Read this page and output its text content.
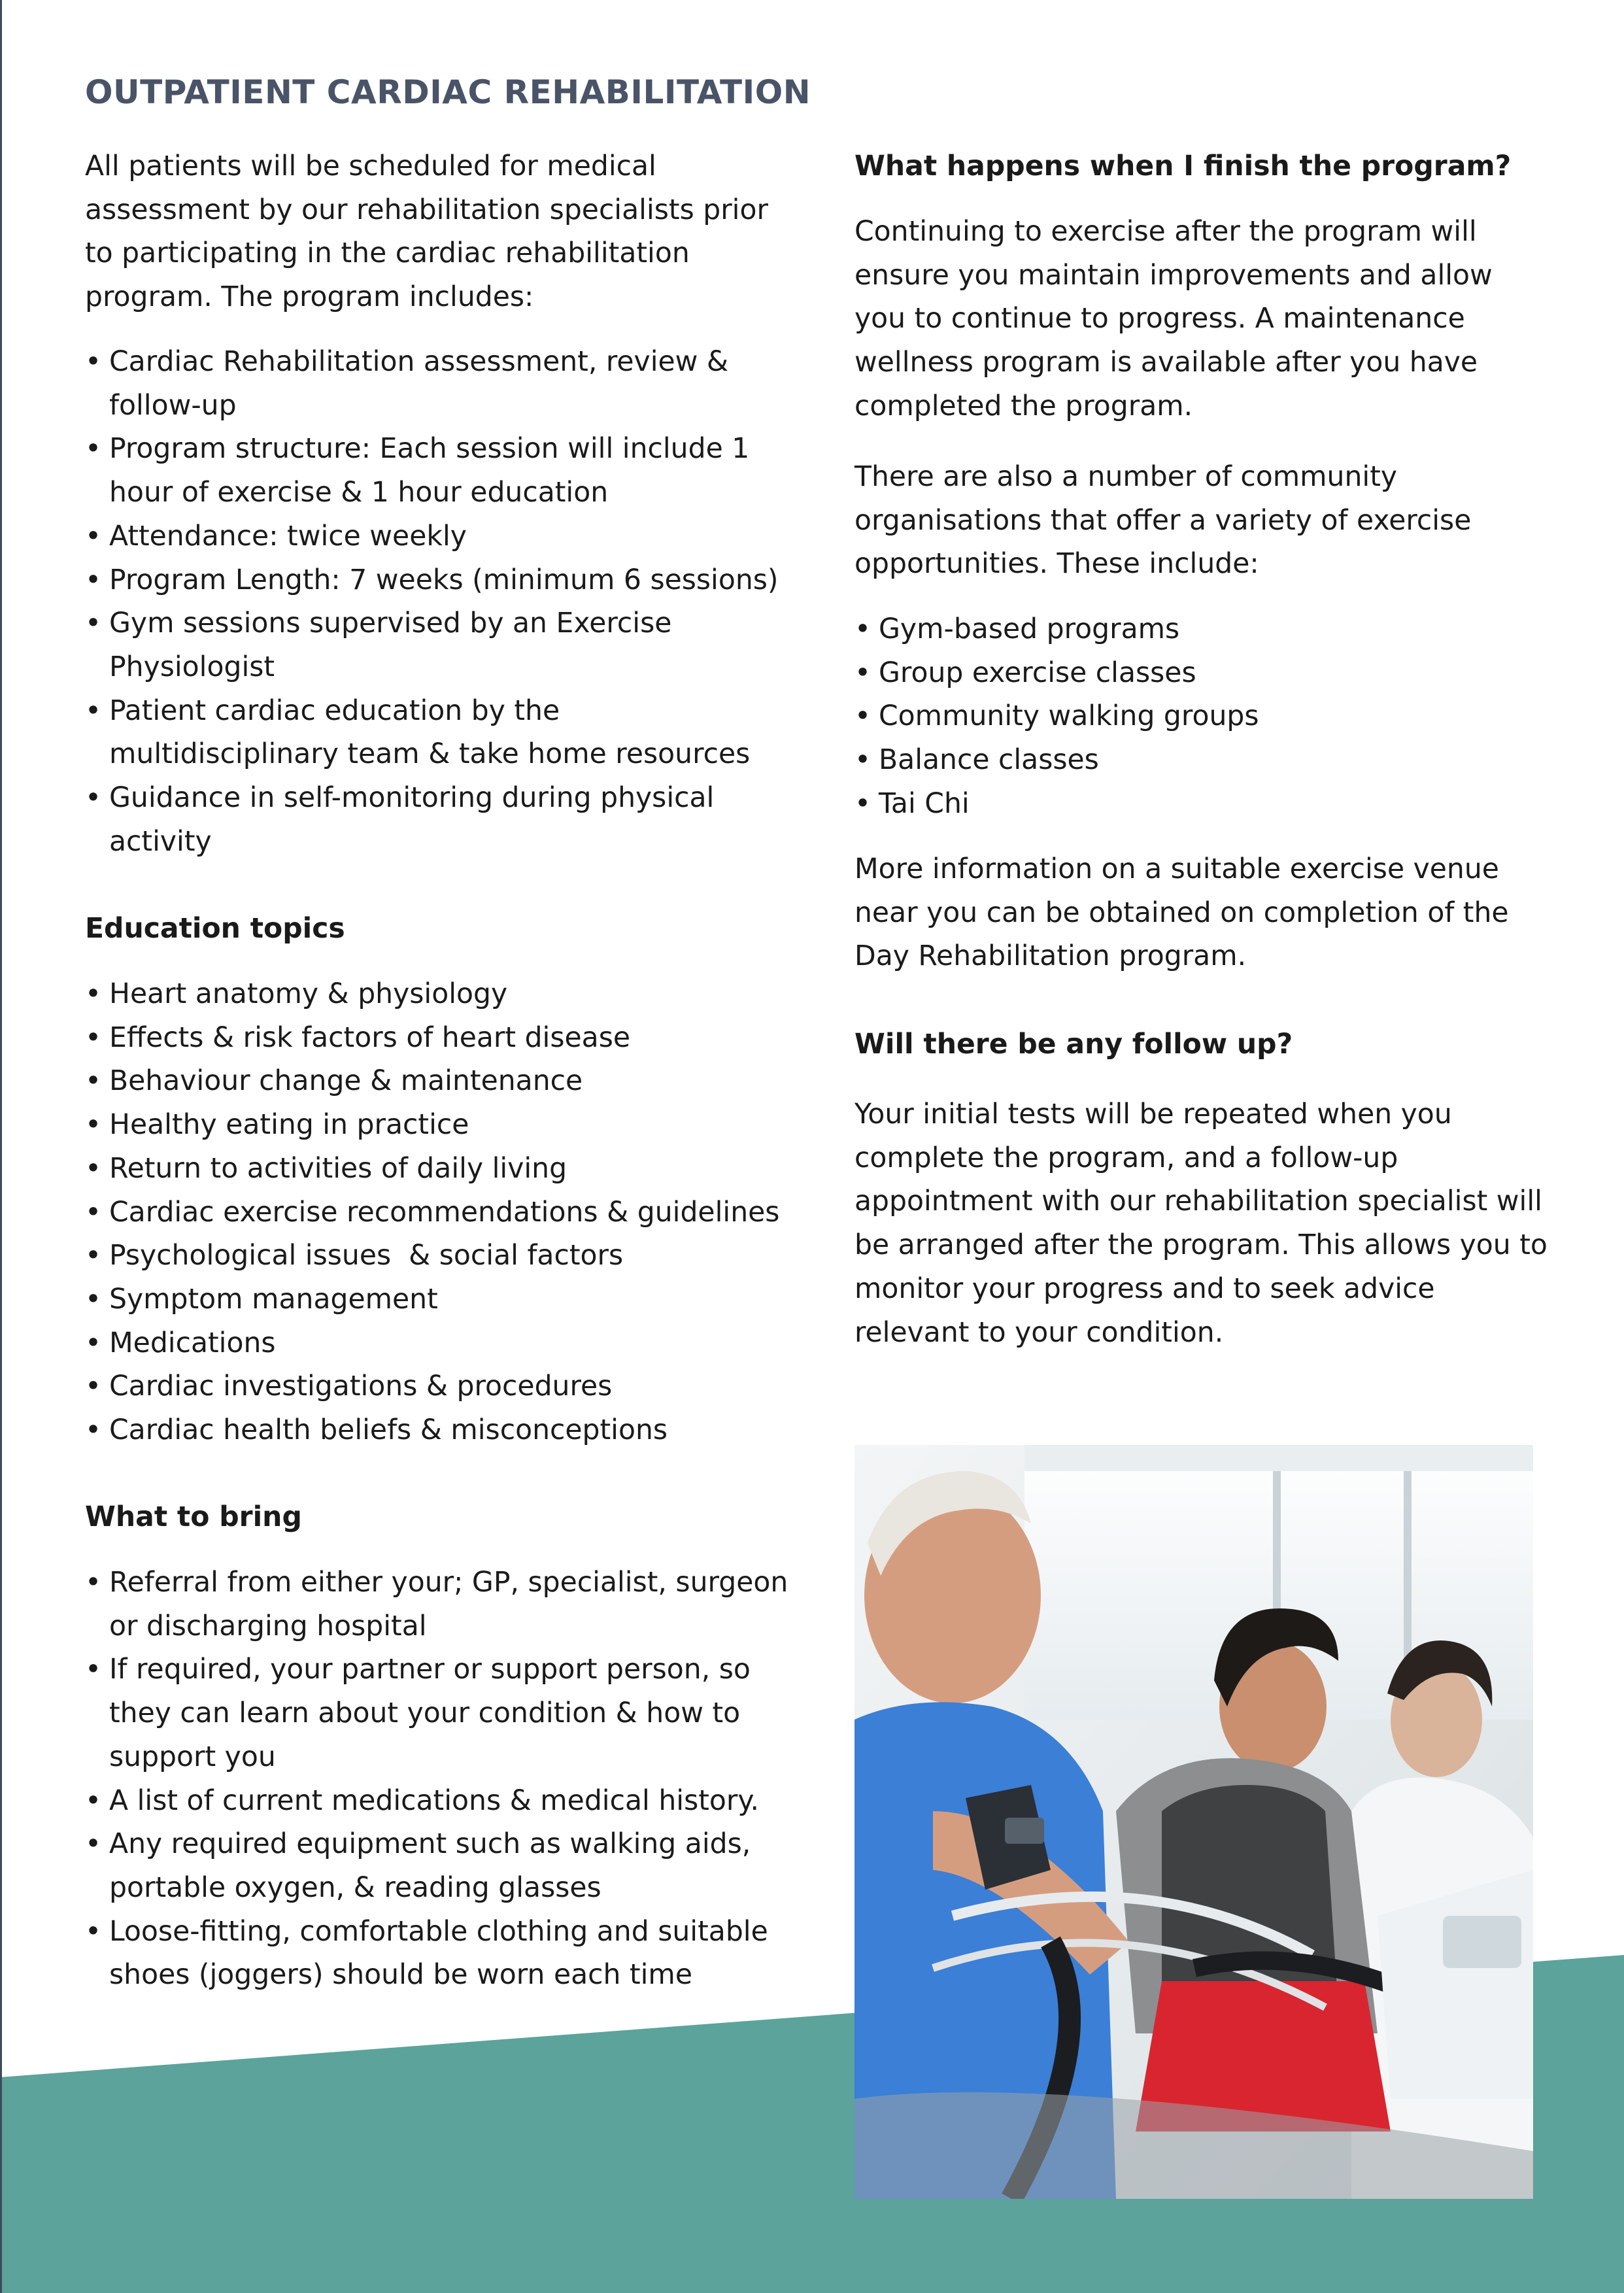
OUTPATIENT CARDIAC REHABILITATION

All patients will be scheduled for medical assessment by our rehabilitation specialists prior to participating in the cardiac rehabilitation program. The program includes:

• Cardiac Rehabilitation assessment, review & follow-up
• Program structure: Each session will include 1 hour of exercise & 1 hour education
• Attendance: twice weekly
• Program Length: 7 weeks (minimum 6 sessions)
• Gym sessions supervised by an Exercise Physiologist
• Patient cardiac education by the multidisciplinary team & take home resources
• Guidance in self-monitoring during physical activity
Education topics
• Heart anatomy & physiology
• Effects & risk factors of heart disease
• Behaviour change & maintenance
• Healthy eating in practice
• Return to activities of daily living
• Cardiac exercise recommendations & guidelines
• Psychological issues  & social factors
• Symptom management
• Medications
• Cardiac investigations & procedures
• Cardiac health beliefs & misconceptions
What to bring
• Referral from either your; GP, specialist, surgeon or discharging hospital
• If required, your partner or support person, so they can learn about your condition & how to support you
• A list of current medications & medical history.
• Any required equipment such as walking aids, portable oxygen, & reading glasses
• Loose-fitting, comfortable clothing and suitable shoes (joggers) should be worn each time
What happens when I finish the program?

Continuing to exercise after the program will ensure you maintain improvements and allow you to continue to progress. A maintenance wellness program is available after you have completed the program.

There are also a number of community organisations that offer a variety of exercise opportunities. These include:

• Gym-based programs
• Group exercise classes
• Community walking groups
• Balance classes
• Tai Chi

More information on a suitable exercise venue near you can be obtained on completion of the Day Rehabilitation program.

Will there be any follow up?

Your initial tests will be repeated when you complete the program, and a follow-up appointment with our rehabilitation specialist will be arranged after the program. This allows you to monitor your progress and to seek advice relevant to your condition.
